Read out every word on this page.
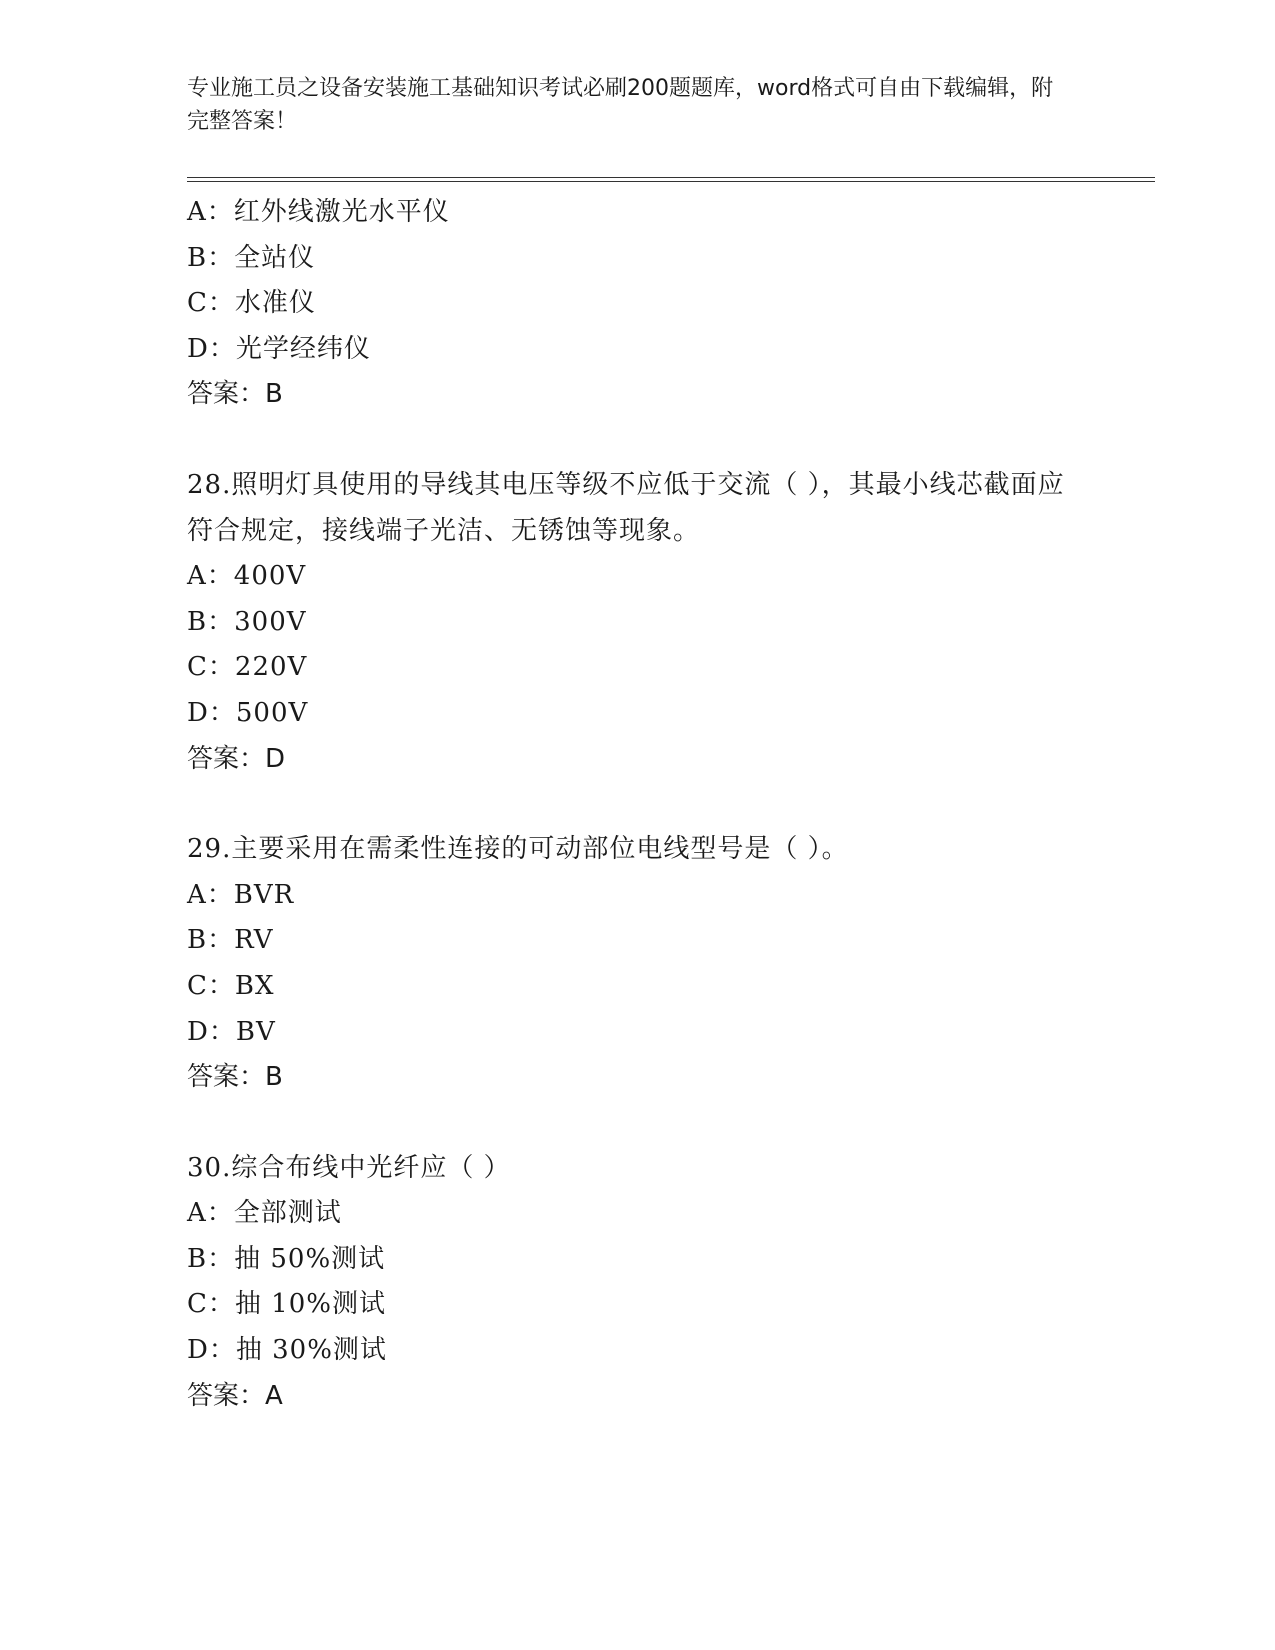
专业施工员之设备安装施工基础知识考试必刷200题题库，word格式可自由下载编辑，附完整答案！
A：红外线激光水平仪
B：全站仪
C：水准仪
D：光学经纬仪
答案：B
28.照明灯具使用的导线其电压等级不应低于交流（ ），其最小线芯截面应符合规定，接线端子光洁、无锈蚀等现象。
A：400V
B：300V
C：220V
D：500V
答案：D
29.主要采用在需柔性连接的可动部位电线型号是（ ）。
A：BVR
B：RV
C：BX
D：BV
答案：B
30.综合布线中光纤应（ ）
A：全部测试
B：抽 50%测试
C：抽 10%测试
D：抽 30%测试
答案：A
